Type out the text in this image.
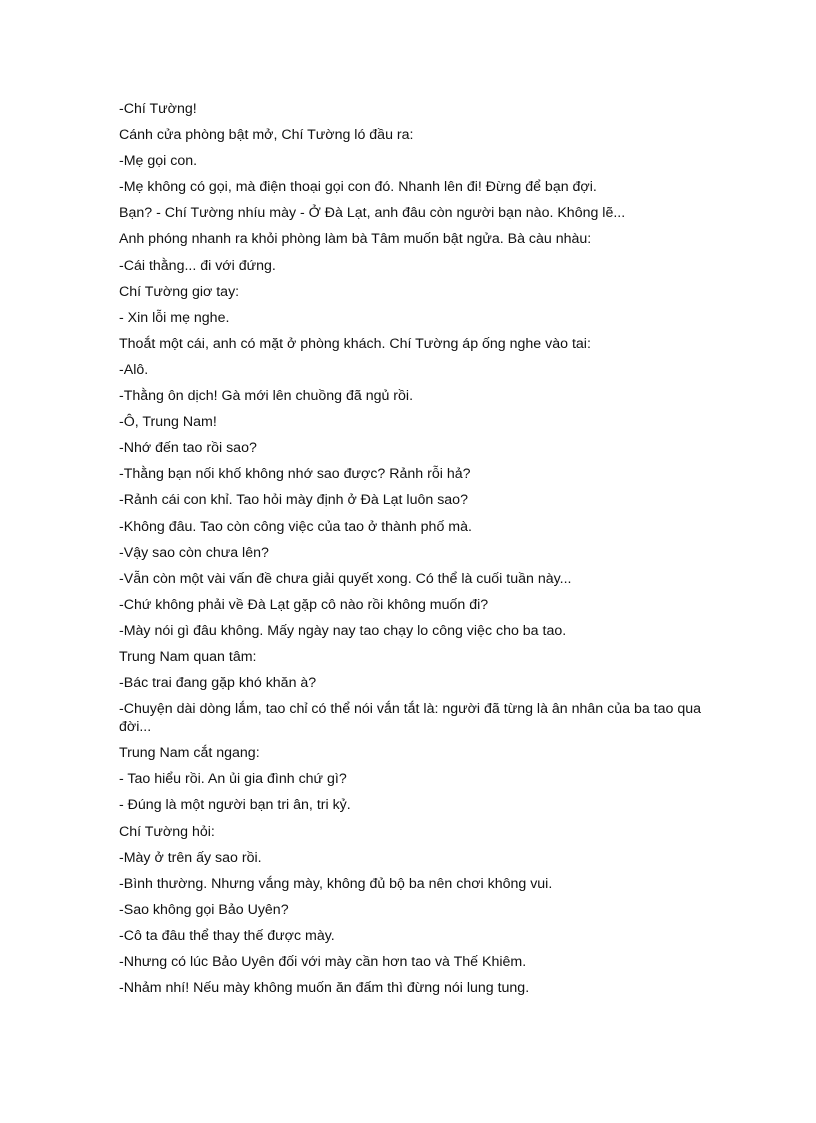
-Chí Tường!

Cánh cửa phòng bật mở, Chí Tường ló đầu ra:

-Mẹ gọi con.

-Mẹ không có gọi, mà điện thoại gọi con đó. Nhanh lên đi! Đừng để bạn đợi.

Bạn? - Chí Tường nhíu mày - Ở Đà Lạt, anh đâu còn người bạn nào. Không lẽ...

Anh phóng nhanh ra khỏi phòng làm bà Tâm muốn bật ngửa. Bà càu nhàu:

-Cái thằng... đi với đứng.

Chí Tường giơ tay:

- Xin lỗi mẹ nghe.

Thoắt một cái, anh có mặt ở phòng khách. Chí Tường áp ống nghe vào tai:

-Alô.

-Thằng ôn dịch! Gà mới lên chuồng đã ngủ rồi.

-Ô, Trung Nam!

-Nhớ đến tao rồi sao?

-Thằng bạn nối khố không nhớ sao được? Rảnh rỗi hả?

-Rảnh cái con khỉ. Tao hỏi mày định ở Đà Lạt luôn sao?

-Không đâu. Tao còn công việc của tao ở thành phố mà.

-Vậy sao còn chưa lên?

-Vẫn còn một vài vấn đề chưa giải quyết xong. Có thể là cuối tuần này...

-Chứ không phải về Đà Lạt gặp cô nào rồi không muốn đi?

-Mày nói gì đâu không. Mấy ngày nay tao chạy lo công việc cho ba tao.

Trung Nam quan tâm:

-Bác trai đang gặp khó khăn à?

-Chuyện dài dòng lắm, tao chỉ có thể nói vắn tắt là: người đã từng là ân nhân của ba tao qua đời...

Trung Nam cắt ngang:

- Tao hiểu rồi. An ủi gia đình chứ gì?

- Đúng là một người bạn tri ân, tri kỷ.

Chí Tường hỏi:

-Mày ở trên ấy sao rồi.

-Bình thường. Nhưng vắng mày, không đủ bộ ba nên chơi không vui.

-Sao không gọi Bảo Uyên?

-Cô ta đâu thể thay thế được mày.

-Nhưng có lúc Bảo Uyên đối với mày cần hơn tao và Thế Khiêm.

-Nhảm nhí! Nếu mày không muốn ăn đấm thì đừng nói lung tung.
